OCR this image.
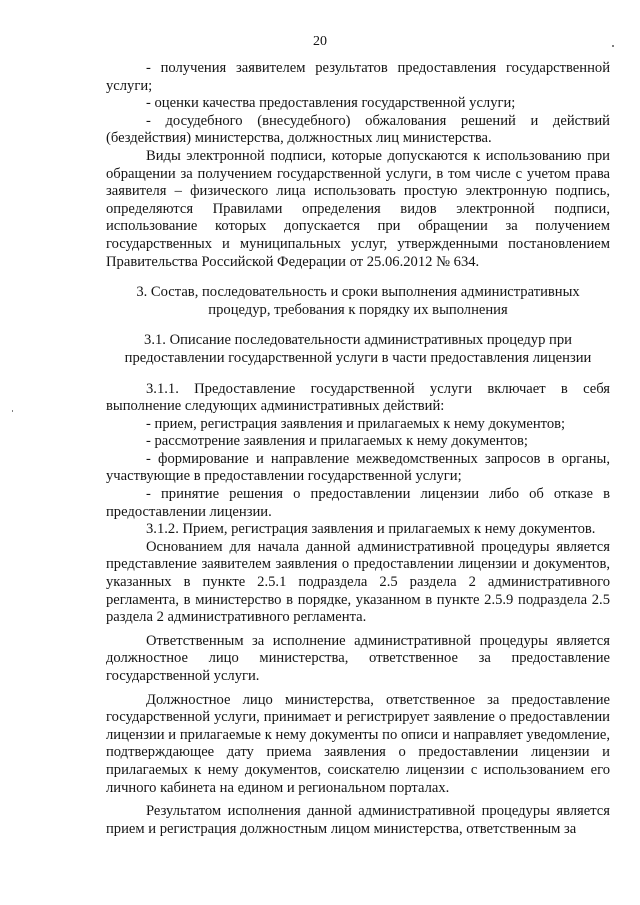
20

- получения заявителем результатов предоставления государственной услуги;

- оценки качества предоставления государственной услуги;

- досудебного (внесудебного) обжалования решений и действий (бездействия) министерства, должностных лиц министерства.

Виды электронной подписи, которые допускаются к использованию при обращении за получением государственной услуги, в том числе с учетом права заявителя – физического лица использовать простую электронную подпись, определяются Правилами определения видов электронной подписи, использование которых допускается при обращении за получением государственных и муниципальных услуг, утвержденными постановлением Правительства Российской Федерации от 25.06.2012 № 634.

3. Состав, последовательность и сроки выполнения административных процедур, требования к порядку их выполнения

3.1. Описание последовательности административных процедур при предоставлении государственной услуги в части предоставления лицензии

3.1.1. Предоставление государственной услуги включает в себя выполнение следующих административных действий:

- прием, регистрация заявления и прилагаемых к нему документов;

- рассмотрение заявления и прилагаемых к нему документов;

- формирование и направление межведомственных запросов в органы, участвующие в предоставлении государственной услуги;

- принятие решения о предоставлении лицензии либо об отказе в предоставлении лицензии.

3.1.2. Прием, регистрация заявления и прилагаемых к нему документов.

Основанием для начала данной административной процедуры является представление заявителем заявления о предоставлении лицензии и документов, указанных в пункте 2.5.1 подраздела 2.5 раздела 2 административного регламента, в министерство в порядке, указанном в пункте 2.5.9 подраздела 2.5 раздела 2 административного регламента.

Ответственным за исполнение административной процедуры является должностное лицо министерства, ответственное за предоставление государственной услуги.

Должностное лицо министерства, ответственное за предоставление государственной услуги, принимает и регистрирует заявление о предоставлении лицензии и прилагаемые к нему документы по описи и направляет уведомление, подтверждающее дату приема заявления о предоставлении лицензии и прилагаемых к нему документов, соискателю лицензии с использованием его личного кабинета на едином и региональном порталах.

Результатом исполнения данной административной процедуры является прием и регистрация должностным лицом министерства, ответственным за
